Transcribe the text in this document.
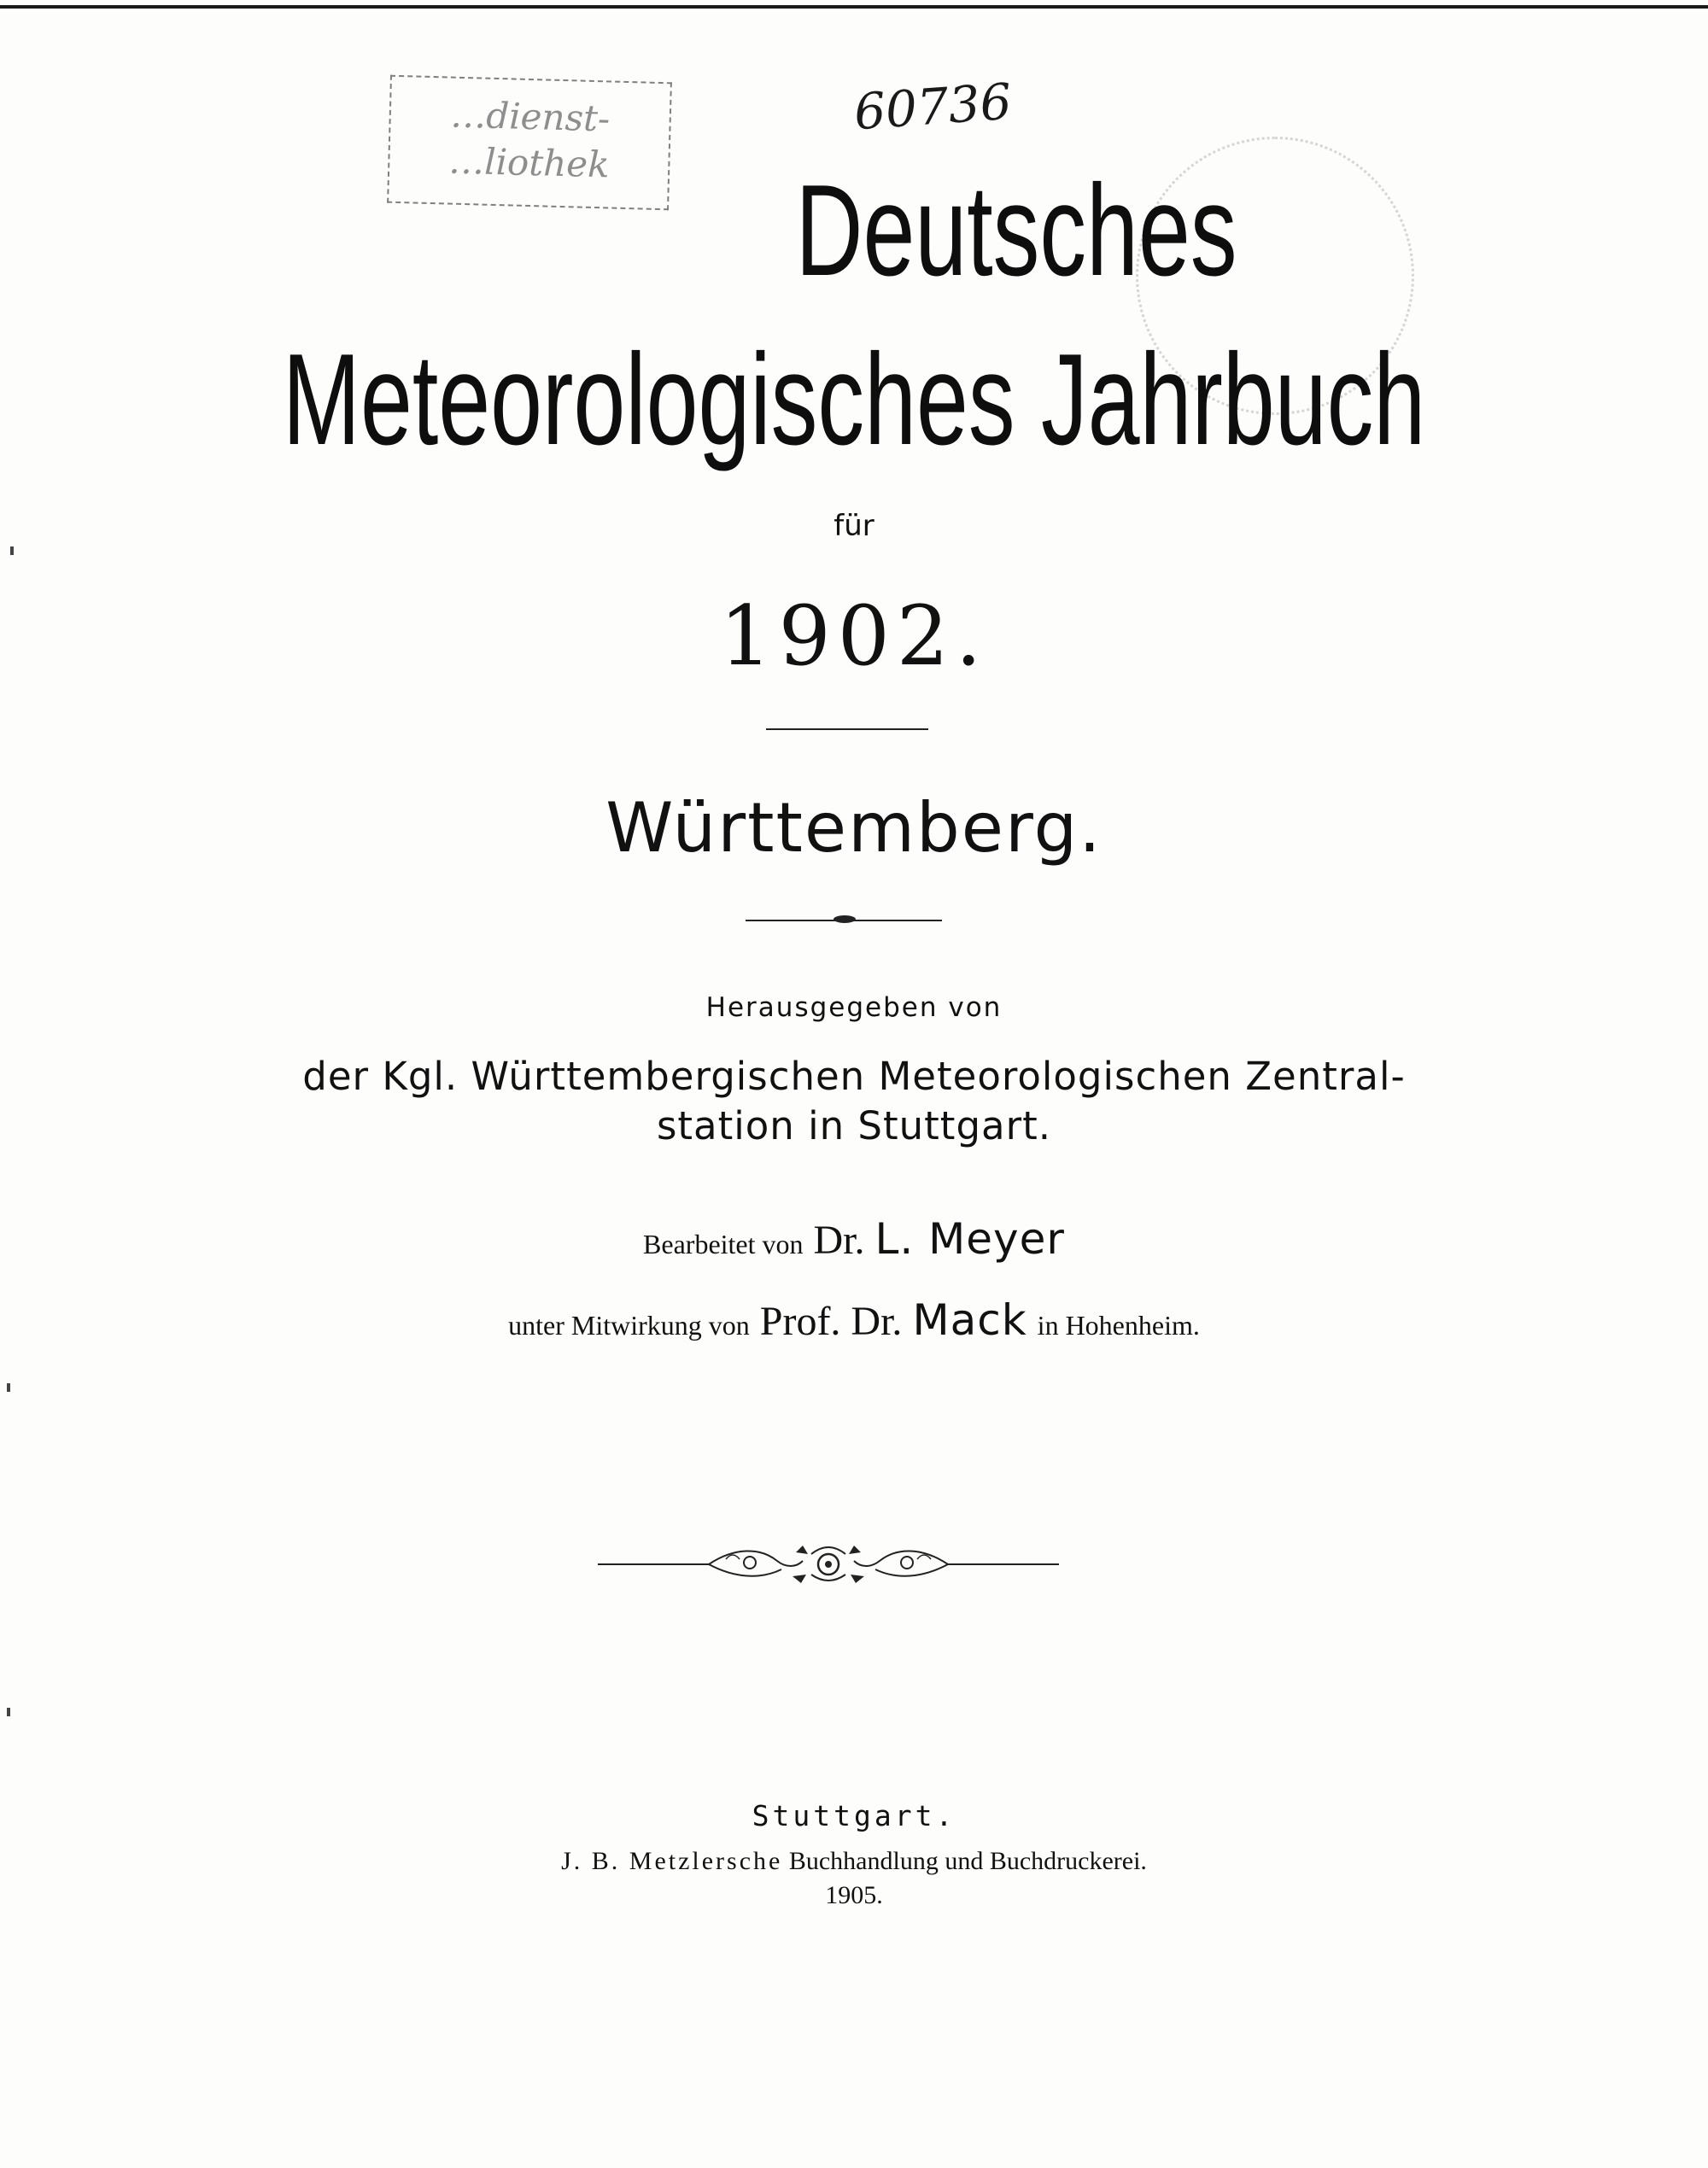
…dienst-
…liothek
60736
Deutsches
Meteorologisches Jahrbuch
für
1902.
Württemberg.
Herausgegeben von
der Kgl. Württembergischen Meteorologischen Zentral-
station in Stuttgart.
Bearbeitet von Dr. L. Meyer
unter Mitwirkung von Prof. Dr. Mack in Hohenheim.
Stuttgart.
J. B. Metzlersche Buchhandlung und Buchdruckerei.
1905.
